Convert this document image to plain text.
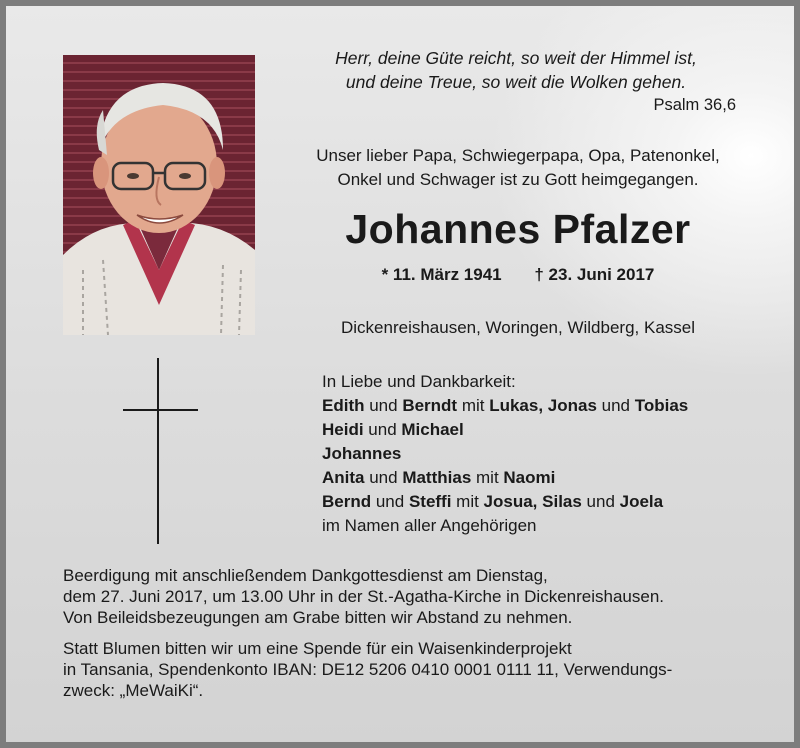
Herr, deine Güte reicht, so weit der Himmel ist,
und deine Treue, so weit die Wolken gehen.
Psalm 36,6
Unser lieber Papa, Schwiegerpapa, Opa, Patenonkel,
Onkel und Schwager ist zu Gott heimgegangen.
Johannes Pfalzer
* 11. März 1941 † 23. Juni 2017
Dickenreishausen, Woringen, Wildberg, Kassel
In Liebe und Dankbarkeit:
Edith und Berndt mit Lukas, Jonas und Tobias
Heidi und Michael
Johannes
Anita und Matthias mit Naomi
Bernd und Steffi mit Josua, Silas und Joela
im Namen aller Angehörigen
Beerdigung mit anschließendem Dankgottesdienst am Dienstag,
dem 27. Juni 2017, um 13.00 Uhr in der St.-Agatha-Kirche in Dickenreishausen.
Von Beileidsbezeugungen am Grabe bitten wir Abstand zu nehmen.
Statt Blumen bitten wir um eine Spende für ein Waisenkinderprojekt
in Tansania, Spendenkonto IBAN: DE12 5206 0410 0001 0111 11, Verwendungs-
zweck: „MeWaiKi“.
